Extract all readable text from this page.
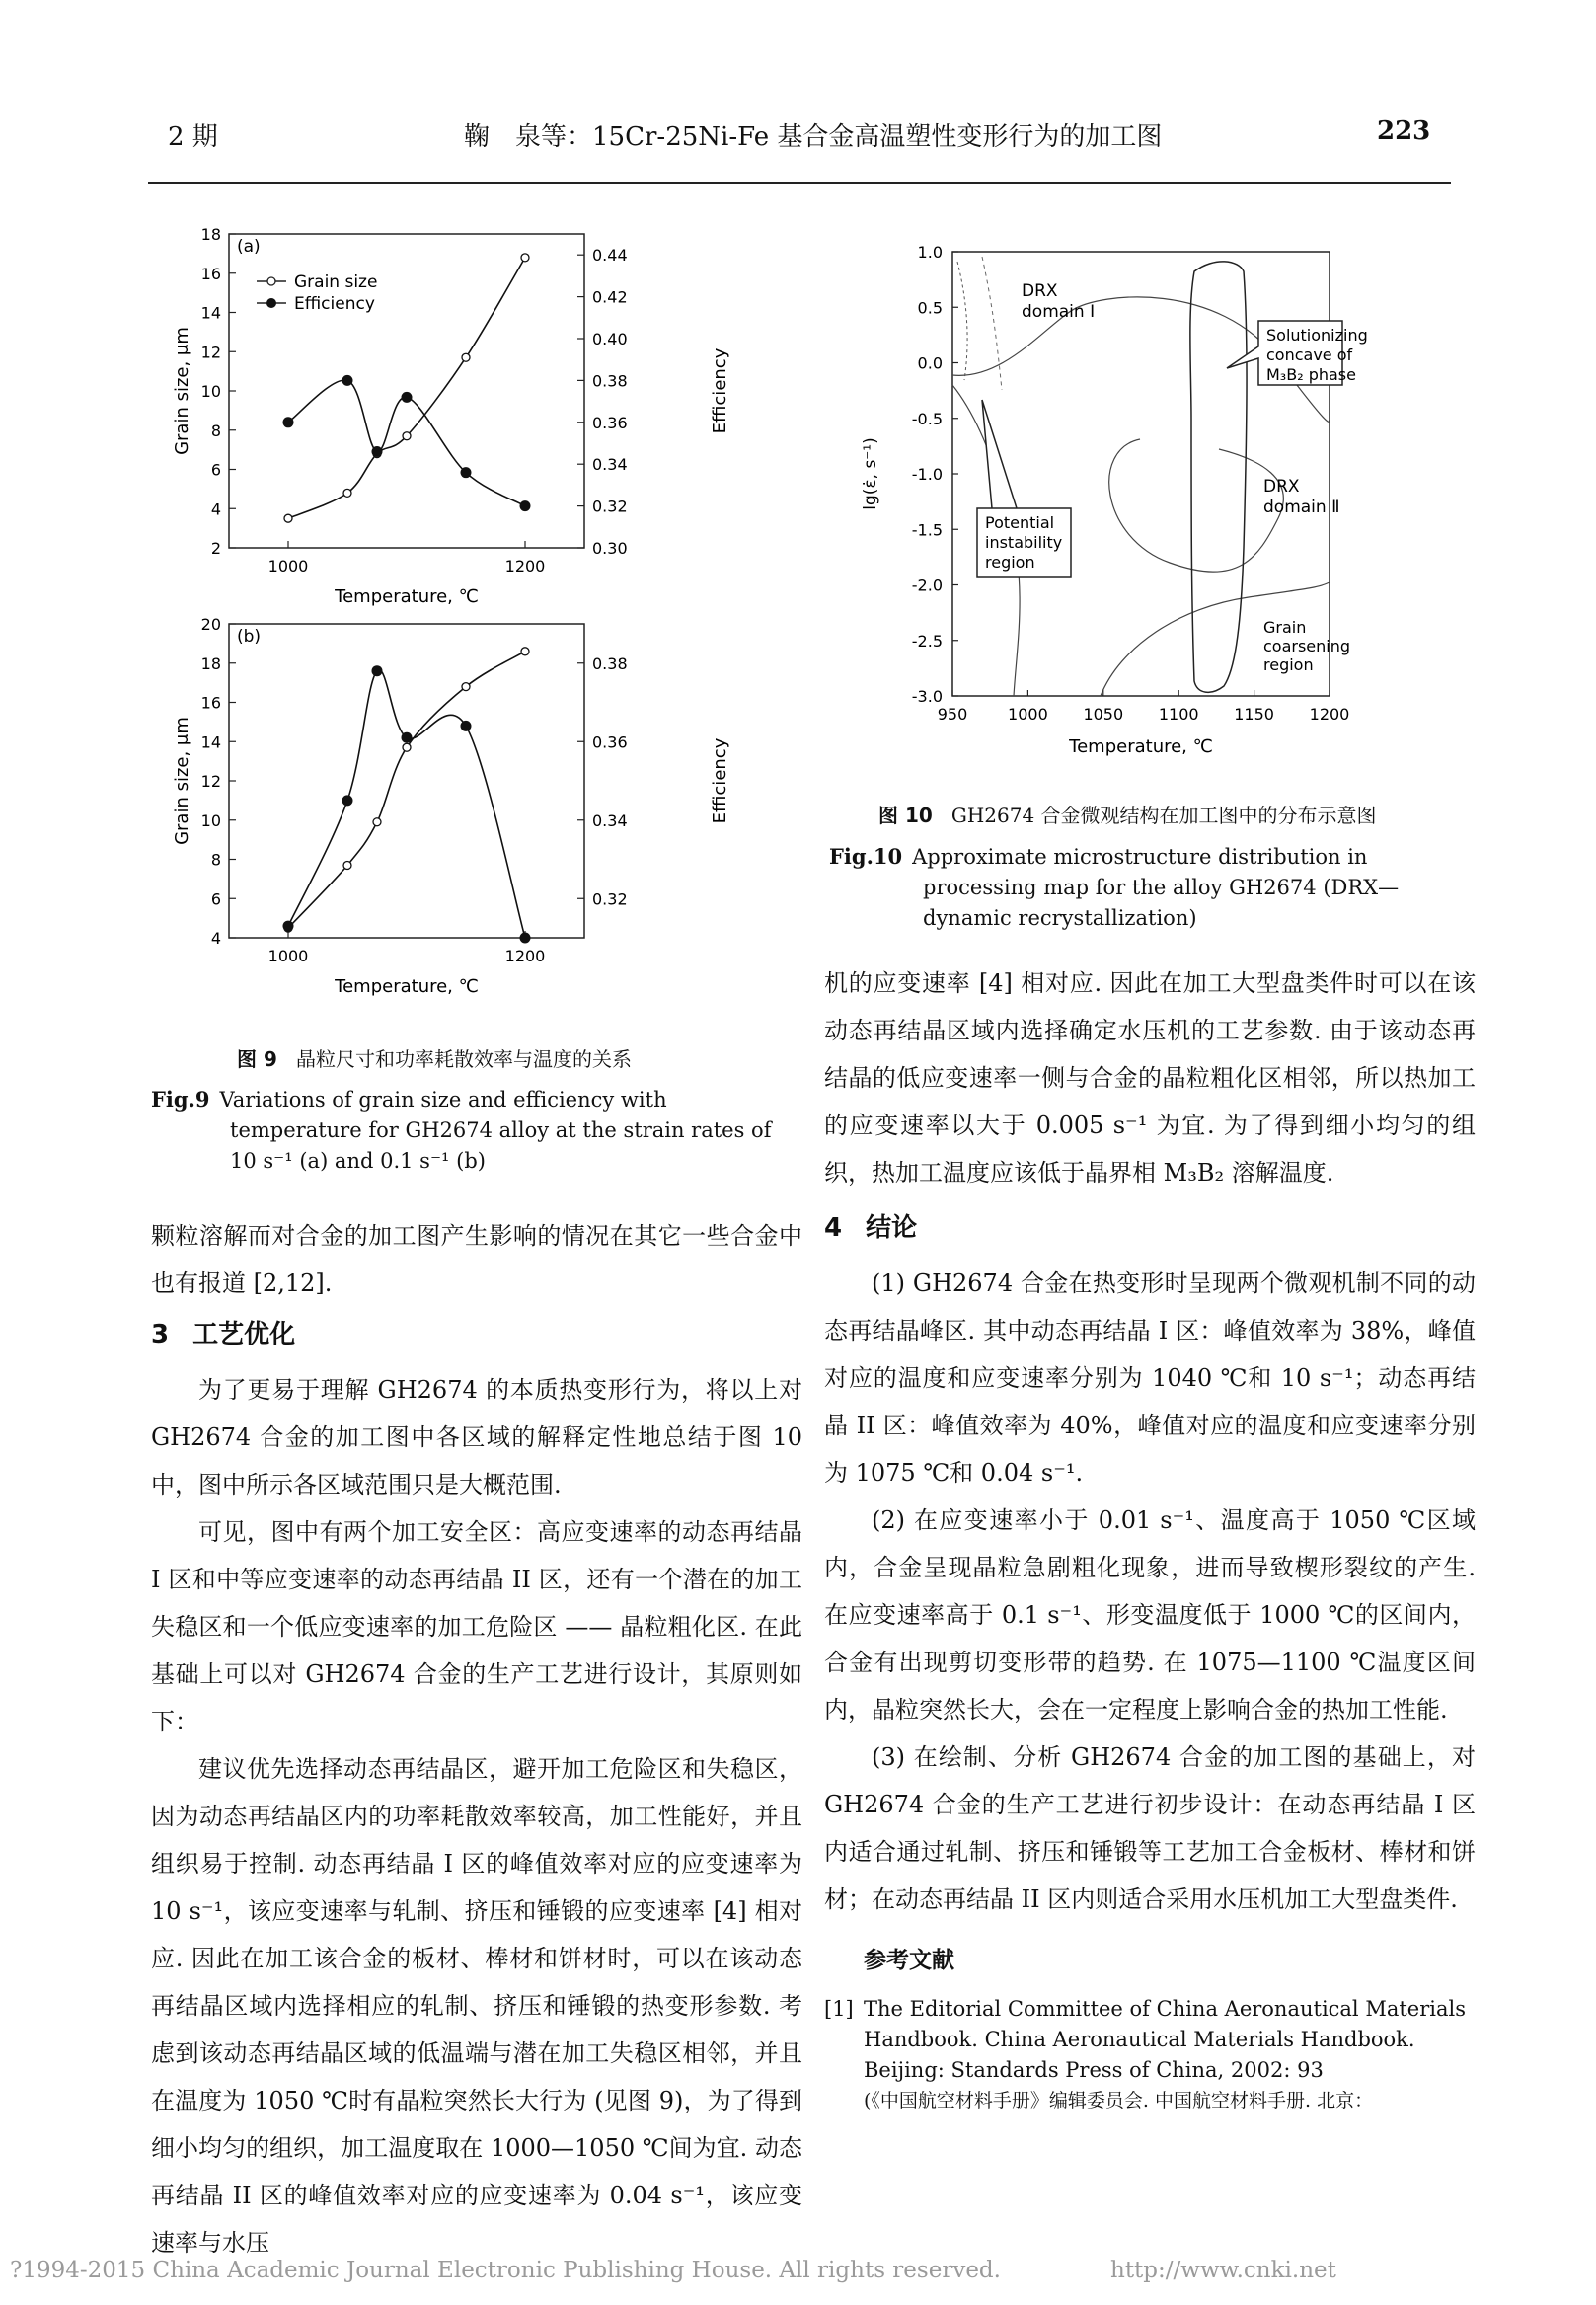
2 期	鞠　泉等：15Cr-25Ni-Fe 基合金高温塑性变形行为的加工图	223
2
4
6
8
10
12
14
16
18
0.30
0.32
0.34
0.36
0.38
0.40
0.42
0.44
1000	1200
(a)
Grain size
Efficiency
Grain size, μm	Efficiency
Temperature, ℃
4
6
8
10
12
14
16
18
20
0.32
0.34
0.36
0.38
1000	1200
(b)
Grain size, μm	Efficiency
Temperature, ℃
图 9 晶粒尺寸和功率耗散效率与温度的关系
Fig.9 Variations of grain size and efficiency with temperature for GH2674 alloy at the strain rates of 10 s⁻¹ (a) and 0.1 s⁻¹ (b)
1.0
0.5
0.0
-0.5
-1.0
-1.5
-2.0
-2.5
-3.0
950	1000 1050 1100 1150 1200
Solutionizing
concave of
M₃B₂ phase
Potential
instability
region
DRX
domain Ⅰ
DRX
domain Ⅱ
Grain
coarsening
region
lg(ε̇, s⁻¹)
Temperature, ℃
图 10 GH2674 合金微观结构在加工图中的分布示意图
Fig.10 Approximate microstructure distribution in processing map for the alloy GH2674 (DRX—dynamic recrystallization)
颗粒溶解而对合金的加工图产生影响的情况在其它一些合金中也有报道 [2,12].
3 工艺优化

为了更易于理解 GH2674 的本质热变形行为，将以上对 GH2674 合金的加工图中各区域的解释定性地总结于图 10 中，图中所示各区域范围只是大概范围.

可见，图中有两个加工安全区：高应变速率的动态再结晶 I 区和中等应变速率的动态再结晶 II 区，还有一个潜在的加工失稳区和一个低应变速率的加工危险区 —— 晶粒粗化区. 在此基础上可以对 GH2674 合金的生产工艺进行设计，其原则如下：

建议优先选择动态再结晶区，避开加工危险区和失稳区，因为动态再结晶区内的功率耗散效率较高，加工性能好，并且组织易于控制. 动态再结晶 I 区的峰值效率对应的应变速率为 10 s⁻¹，该应变速率与轧制、挤压和锤锻的应变速率 [4] 相对应. 因此在加工该合金的板材、棒材和饼材时，可以在该动态再结晶区域内选择相应的轧制、挤压和锤锻的热变形参数. 考虑到该动态再结晶区域的低温端与潜在加工失稳区相邻，并且在温度为 1050 ℃时有晶粒突然长大行为 (见图 9)，为了得到细小均匀的组织，加工温度取在 1000—1050 ℃间为宜. 动态再结晶 II 区的峰值效率对应的应变速率为 0.04 s⁻¹，该应变速率与水压

机的应变速率 [4] 相对应. 因此在加工大型盘类件时可以在该动态再结晶区域内选择确定水压机的工艺参数. 由于该动态再结晶的低应变速率一侧与合金的晶粒粗化区相邻，所以热加工的应变速率以大于 0.005 s⁻¹ 为宜. 为了得到细小均匀的组织，热加工温度应该低于晶界相 M₃B₂ 溶解温度.
4 结论

(1) GH2674 合金在热变形时呈现两个微观机制不同的动态再结晶峰区. 其中动态再结晶 I 区：峰值效率为 38%，峰值对应的温度和应变速率分别为 1040 ℃和 10 s⁻¹；动态再结晶 II 区：峰值效率为 40%，峰值对应的温度和应变速率分别为 1075 ℃和 0.04 s⁻¹.

(2) 在应变速率小于 0.01 s⁻¹、温度高于 1050 ℃区域内，合金呈现晶粒急剧粗化现象，进而导致楔形裂纹的产生. 在应变速率高于 0.1 s⁻¹、形变温度低于 1000 ℃的区间内，合金有出现剪切变形带的趋势. 在 1075—1100 ℃温度区间内，晶粒突然长大，会在一定程度上影响合金的热加工性能.

(3) 在绘制、分析 GH2674 合金的加工图的基础上，对 GH2674 合金的生产工艺进行初步设计：在动态再结晶 I 区内适合通过轧制、挤压和锤锻等工艺加工合金板材、棒材和饼材；在动态再结晶 II 区内则适合采用水压机加工大型盘类件.

参考文献
[1] The Editorial Committee of China Aeronautical Materials Handbook. China Aeronautical Materials Handbook. Beijing: Standards Press of China, 2002: 93
(《中国航空材料手册》编辑委员会. 中国航空材料手册. 北京：
?1994-2015 China Academic Journal Electronic Publishing House. All rights reserved.	http://www.cnki.net
